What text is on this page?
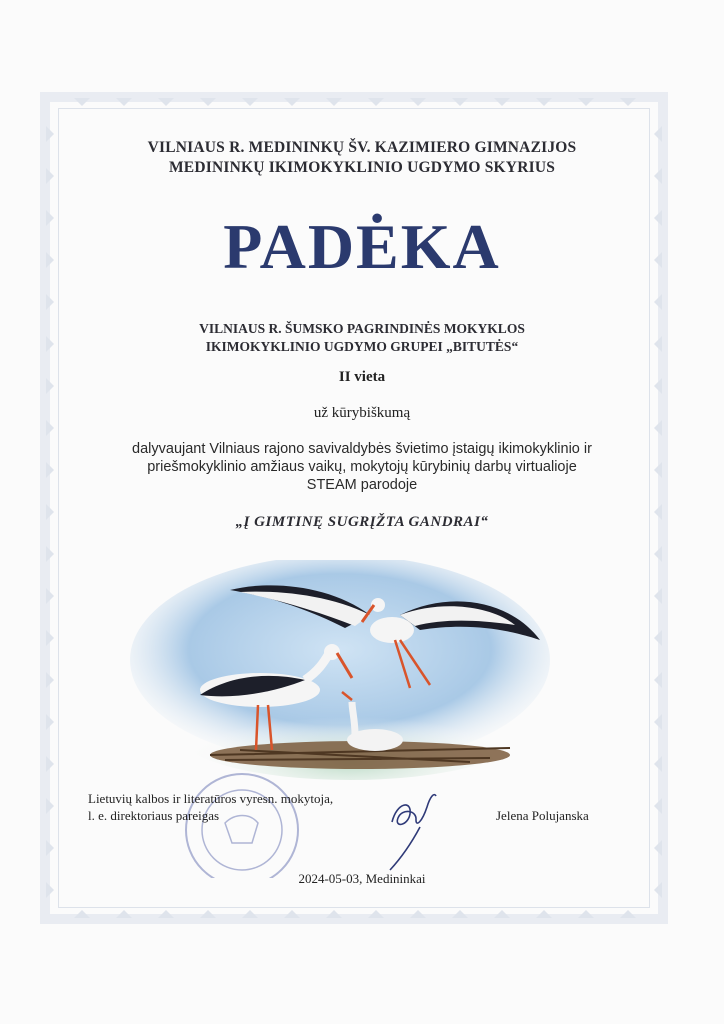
VILNIAUS R. MEDININKŲ ŠV. KAZIMIERO GIMNAZIJOS
MEDININKŲ IKIMOKYKLINIO UGDYMO SKYRIUS
PADĖKA
VILNIAUS R. ŠUMSKO PAGRINDINĖS MOKYKLOS
IKIMOKYKLINIO UGDYMO GRUPEI „BITUTĖS“
II vieta
už kūrybiškumą
dalyvaujant Vilniaus rajono savivaldybės švietimo įstaigų ikimokyklinio ir
priešmokyklinio amžiaus vaikų, mokytojų kūrybinių darbų virtualioje
STEAM parodoje
„Į GIMTINĘ SUGRĮŽTA GANDRAI“
Lietuvių kalbos ir literatūros vyresn. mokytoja,
l. e. direktoriaus pareigas	Jelena Polujanska
2024-05-03, Medininkai
